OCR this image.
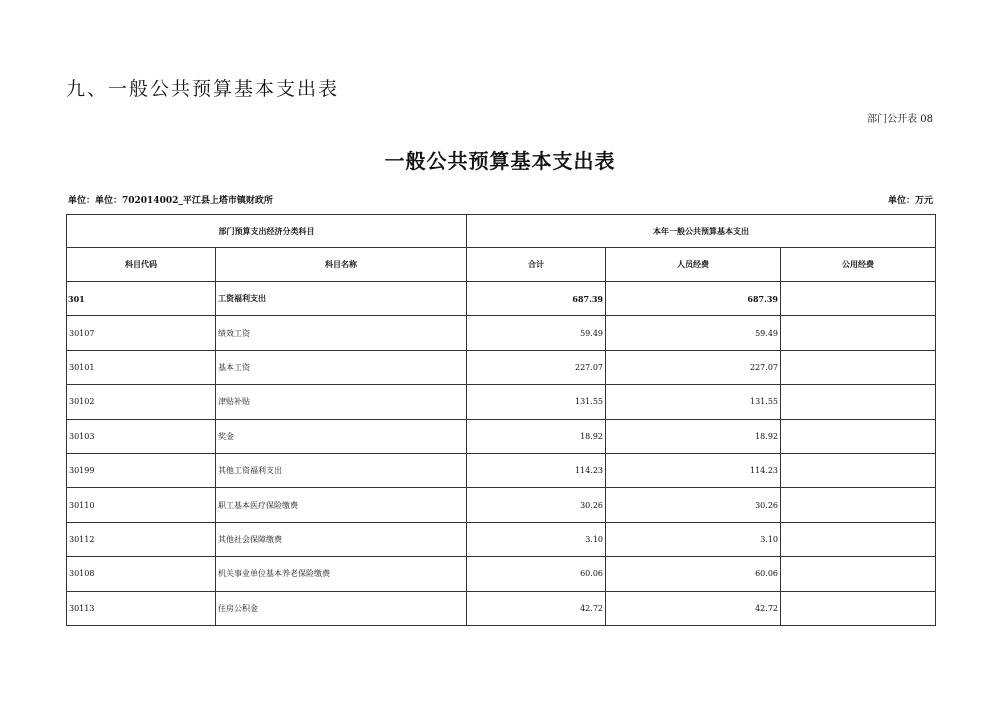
九、一般公共预算基本支出表
部门公开表 08
一般公共预算基本支出表
单位：单位：702014002_平江县上塔市镇财政所	单位：万元
部门预算支出经济分类科目		本年一般公共预算基本支出		
科目代码	科目名称	合计	人员经费	公用经费
301	工资福利支出	687.39	687.39	
30107	绩效工资	59.49	59.49	
30101	基本工资	227.07	227.07	
30102	津贴补贴	131.55	131.55	
30103	奖金	18.92	18.92	
30199	其他工资福利支出	114.23	114.23	
30110	职工基本医疗保险缴费	30.26	30.26	
30112	其他社会保障缴费	3.10	3.10	
30108	机关事业单位基本养老保险缴费	60.06	60.06	
30113	住房公积金	42.72	42.72	
